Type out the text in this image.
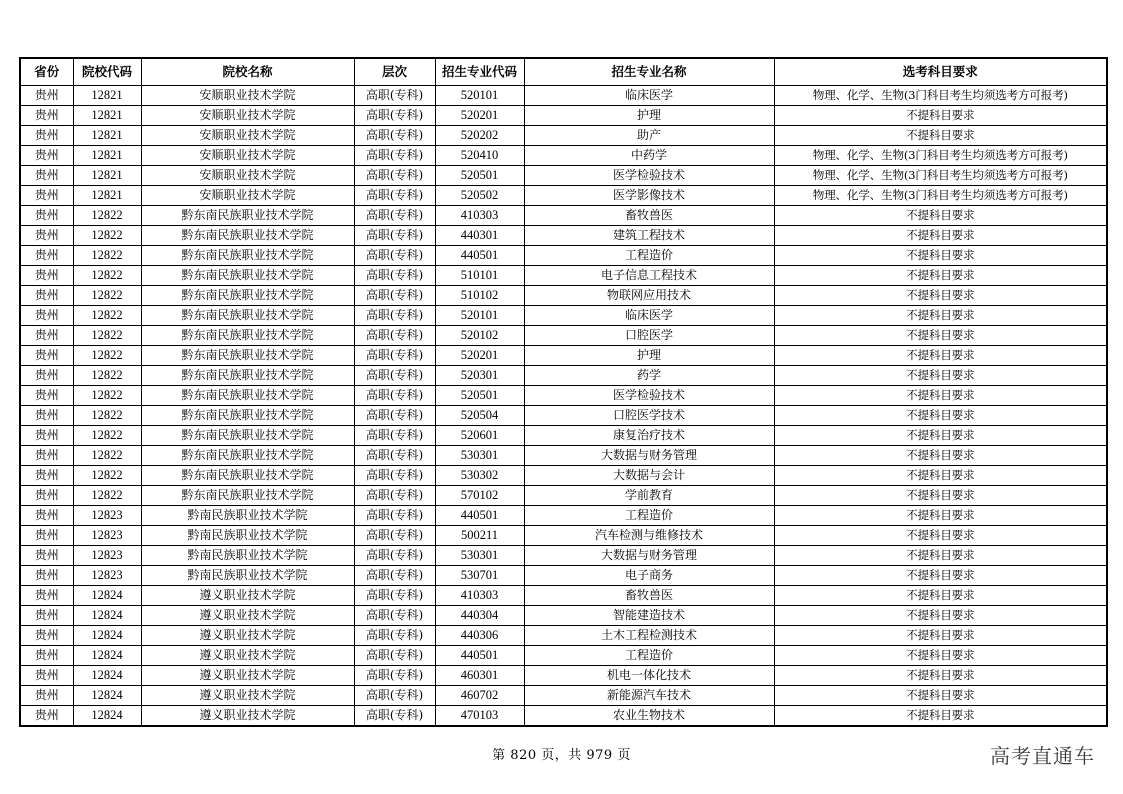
省份	院校代码	院校名称	层次	招生专业代码	招生专业名称	选考科目要求
贵州	12821	安顺职业技术学院	高职(专科)	520101	临床医学	物理、化学、生物(3门科目考生均须选考方可报考)
贵州	12821	安顺职业技术学院	高职(专科)	520201	护理	不提科目要求
贵州	12821	安顺职业技术学院	高职(专科)	520202	助产	不提科目要求
贵州	12821	安顺职业技术学院	高职(专科)	520410	中药学	物理、化学、生物(3门科目考生均须选考方可报考)
贵州	12821	安顺职业技术学院	高职(专科)	520501	医学检验技术	物理、化学、生物(3门科目考生均须选考方可报考)
贵州	12821	安顺职业技术学院	高职(专科)	520502	医学影像技术	物理、化学、生物(3门科目考生均须选考方可报考)
贵州	12822	黔东南民族职业技术学院	高职(专科)	410303	畜牧兽医	不提科目要求
贵州	12822	黔东南民族职业技术学院	高职(专科)	440301	建筑工程技术	不提科目要求
贵州	12822	黔东南民族职业技术学院	高职(专科)	440501	工程造价	不提科目要求
贵州	12822	黔东南民族职业技术学院	高职(专科)	510101	电子信息工程技术	不提科目要求
贵州	12822	黔东南民族职业技术学院	高职(专科)	510102	物联网应用技术	不提科目要求
贵州	12822	黔东南民族职业技术学院	高职(专科)	520101	临床医学	不提科目要求
贵州	12822	黔东南民族职业技术学院	高职(专科)	520102	口腔医学	不提科目要求
贵州	12822	黔东南民族职业技术学院	高职(专科)	520201	护理	不提科目要求
贵州	12822	黔东南民族职业技术学院	高职(专科)	520301	药学	不提科目要求
贵州	12822	黔东南民族职业技术学院	高职(专科)	520501	医学检验技术	不提科目要求
贵州	12822	黔东南民族职业技术学院	高职(专科)	520504	口腔医学技术	不提科目要求
贵州	12822	黔东南民族职业技术学院	高职(专科)	520601	康复治疗技术	不提科目要求
贵州	12822	黔东南民族职业技术学院	高职(专科)	530301	大数据与财务管理	不提科目要求
贵州	12822	黔东南民族职业技术学院	高职(专科)	530302	大数据与会计	不提科目要求
贵州	12822	黔东南民族职业技术学院	高职(专科)	570102	学前教育	不提科目要求
贵州	12823	黔南民族职业技术学院	高职(专科)	440501	工程造价	不提科目要求
贵州	12823	黔南民族职业技术学院	高职(专科)	500211	汽车检测与维修技术	不提科目要求
贵州	12823	黔南民族职业技术学院	高职(专科)	530301	大数据与财务管理	不提科目要求
贵州	12823	黔南民族职业技术学院	高职(专科)	530701	电子商务	不提科目要求
贵州	12824	遵义职业技术学院	高职(专科)	410303	畜牧兽医	不提科目要求
贵州	12824	遵义职业技术学院	高职(专科)	440304	智能建造技术	不提科目要求
贵州	12824	遵义职业技术学院	高职(专科)	440306	土木工程检测技术	不提科目要求
贵州	12824	遵义职业技术学院	高职(专科)	440501	工程造价	不提科目要求
贵州	12824	遵义职业技术学院	高职(专科)	460301	机电一体化技术	不提科目要求
贵州	12824	遵义职业技术学院	高职(专科)	460702	新能源汽车技术	不提科目要求
贵州	12824	遵义职业技术学院	高职(专科)	470103	农业生物技术	不提科目要求
第 820 页，共 979 页	高考直通车
